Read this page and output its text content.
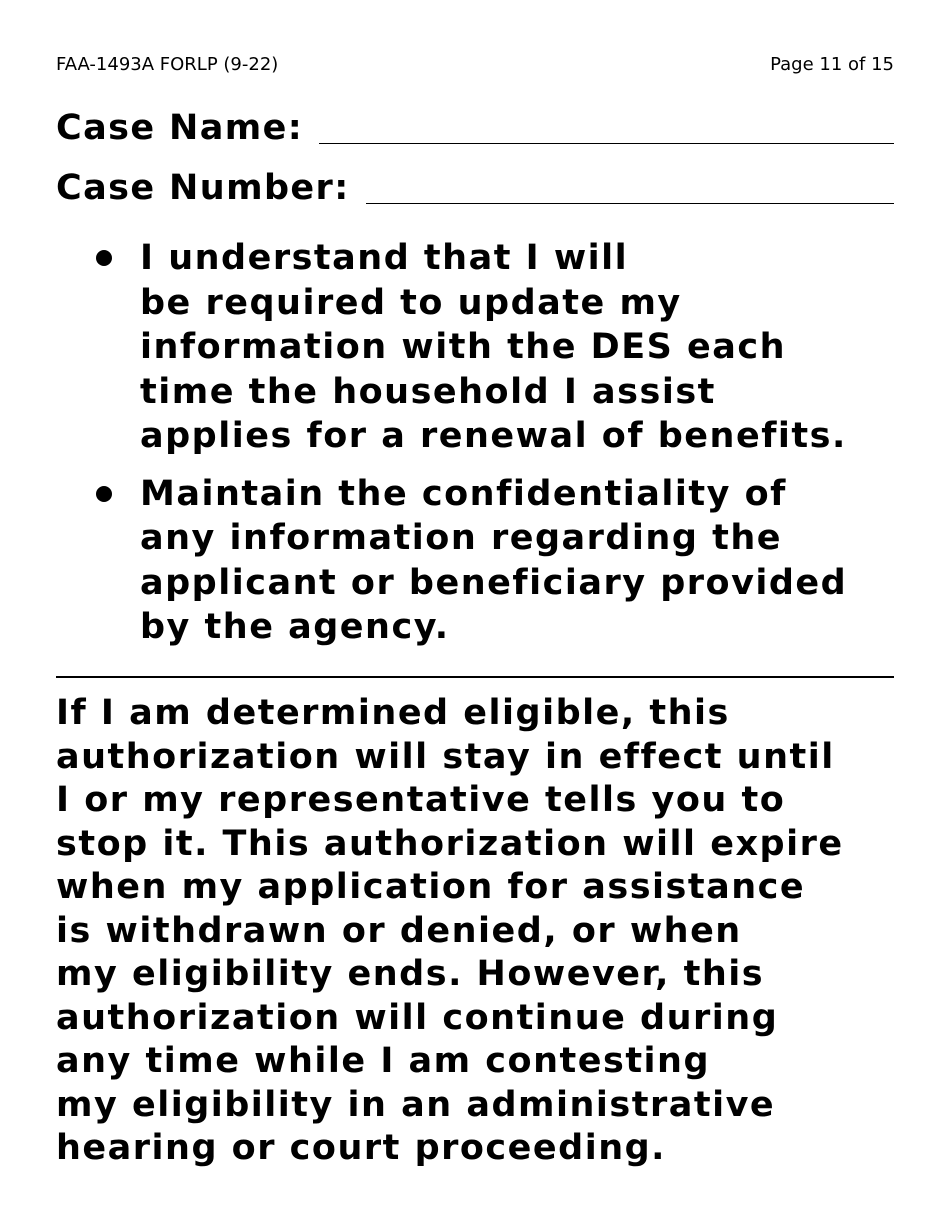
FAA-1493A FORLP (9-22)	Page 11 of 15
Case Name:
Case Number:
I understand that I will
be required to update my
information with the DES each
time the household I assist
applies for a renewal of benefits.
Maintain the confidentiality of
any information regarding the
applicant or beneficiary provided
by the agency.
If I am determined eligible, this
authorization will stay in effect until
I or my representative tells you to
stop it. This authorization will expire
when my application for assistance
is withdrawn or denied, or when
my eligibility ends. However, this
authorization will continue during
any time while I am contesting
my eligibility in an administrative
hearing or court proceeding.
